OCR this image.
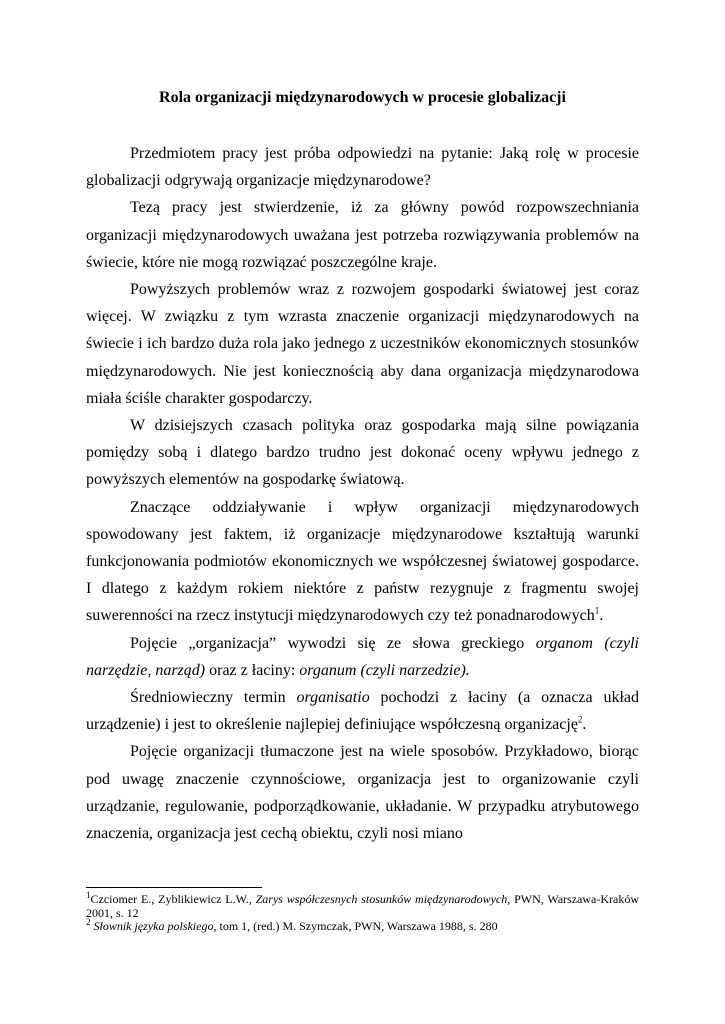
Rola organizacji międzynarodowych w procesie globalizacji

Przedmiotem pracy jest próba odpowiedzi na pytanie: Jaką rolę w procesie globalizacji odgrywają organizacje międzynarodowe?

Tezą pracy jest stwierdzenie, iż za główny powód rozpowszechniania organizacji międzynarodowych uważana jest potrzeba rozwiązywania problemów na świecie, które nie mogą rozwiązać poszczególne kraje.

Powyższych problemów wraz z rozwojem gospodarki światowej jest coraz więcej. W związku z tym wzrasta znaczenie organizacji międzynarodowych na świecie i ich bardzo duża rola jako jednego z uczestników ekonomicznych stosunków międzynarodowych. Nie jest koniecznością aby dana organizacja międzynarodowa miała ściśle charakter gospodarczy.

W dzisiejszych czasach polityka oraz gospodarka mają silne powiązania pomiędzy sobą i dlatego bardzo trudno jest dokonać oceny wpływu jednego z powyższych elementów na gospodarkę światową.

Znaczące oddziaływanie i wpływ organizacji międzynarodowych spowodowany jest faktem, iż organizacje międzynarodowe kształtują warunki funkcjonowania podmiotów ekonomicznych we współczesnej światowej gospodarce. I dlatego z każdym rokiem niektóre z państw rezygnuje z fragmentu swojej suwerenności na rzecz instytucji międzynarodowych czy też ponadnarodowych$^1$.

Pojęcie „organizacja” wywodzi się ze słowa greckiego organom (czyli narzędzie, narząd) oraz z łaciny: organum (czyli narzedzie).

Średniowieczny termin organisatio pochodzi z łaciny (a oznacza układ urządzenie) i jest to określenie najlepiej definiujące współczesną organizację$^2$.

Pojęcie organizacji tłumaczone jest na wiele sposobów. Przykładowo, biorąc pod uwagę znaczenie czynnościowe, organizacja jest to organizowanie czyli urządzanie, regulowanie, podporządkowanie, układanie. W przypadku atrybutowego znaczenia, organizacja jest cechą obiektu, czyli nosi miano

$^1$Czciomer E., Zyblikiewicz L.W., Zarys współczesnych stosunków międzynarodowych, PWN, Warszawa-Kraków 2001, s. 12

$^2$ Słownik języka polskiego, tom 1, (red.) M. Szymczak, PWN, Warszawa 1988, s. 280
